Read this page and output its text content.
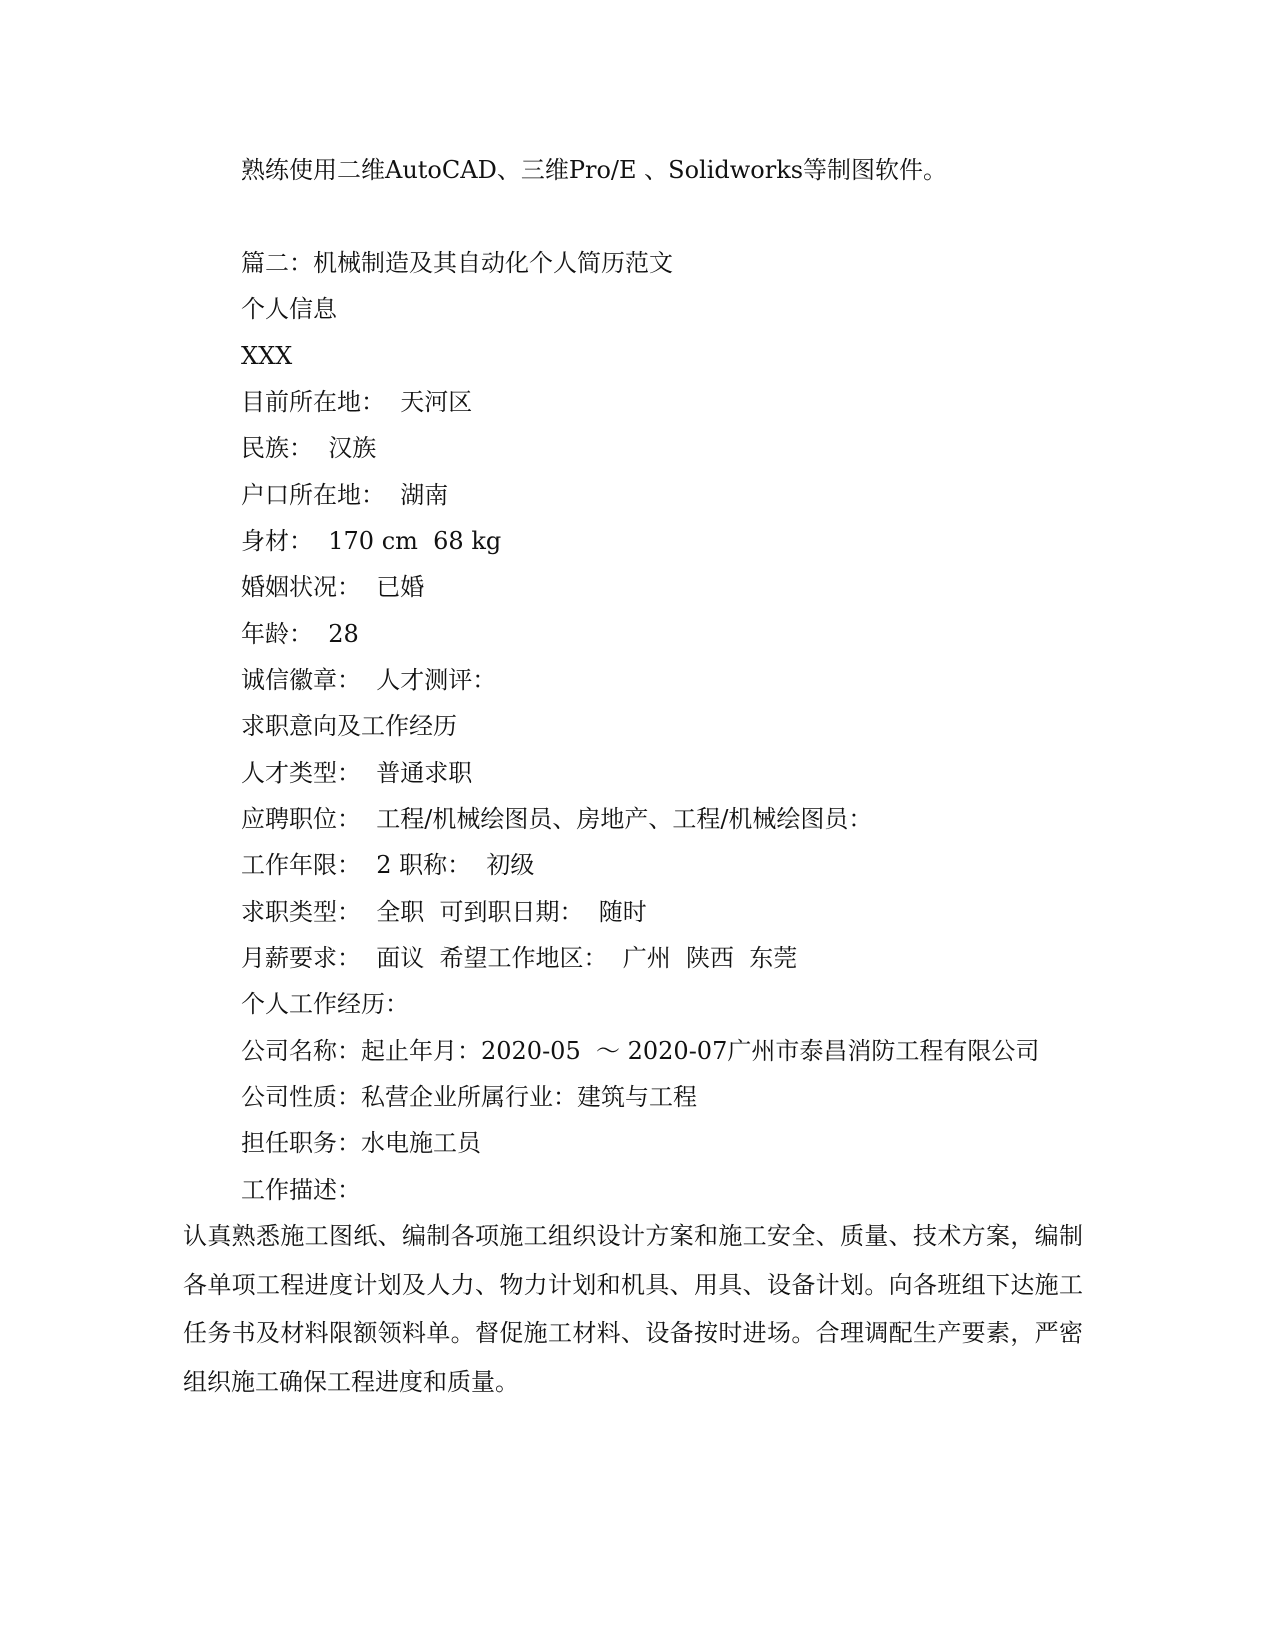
熟练使用二维AutoCAD、三维Pro/E 、Solidworks等制图软件。

篇二：机械制造及其自动化个人简历范文

个人信息

XXX

目前所在地：  天河区

民族：  汉族

户口所在地：  湖南

身材：  170 cm  68 kg

婚姻状况：  已婚

年龄：  28

诚信徽章：  人才测评：

求职意向及工作经历

人才类型：  普通求职

应聘职位：  工程/机械绘图员、房地产、工程/机械绘图员：

工作年限：  2 职称：  初级

求职类型：  全职  可到职日期：  随时

月薪要求：  面议  希望工作地区：  广州  陕西  东莞

个人工作经历：

公司名称：起止年月：2020-05  ～ 2020-07广州市泰昌消防工程有限公司

公司性质：私营企业所属行业：建筑与工程

担任职务：水电施工员

工作描述：

认真熟悉施工图纸、编制各项施工组织设计方案和施工安全、质量、技术方案，编制各单项工程进度计划及人力、物力计划和机具、用具、设备计划。向各班组下达施工任务书及材料限额领料单。督促施工材料、设备按时进场。合理调配生产要素，严密组织施工确保工程进度和质量。
